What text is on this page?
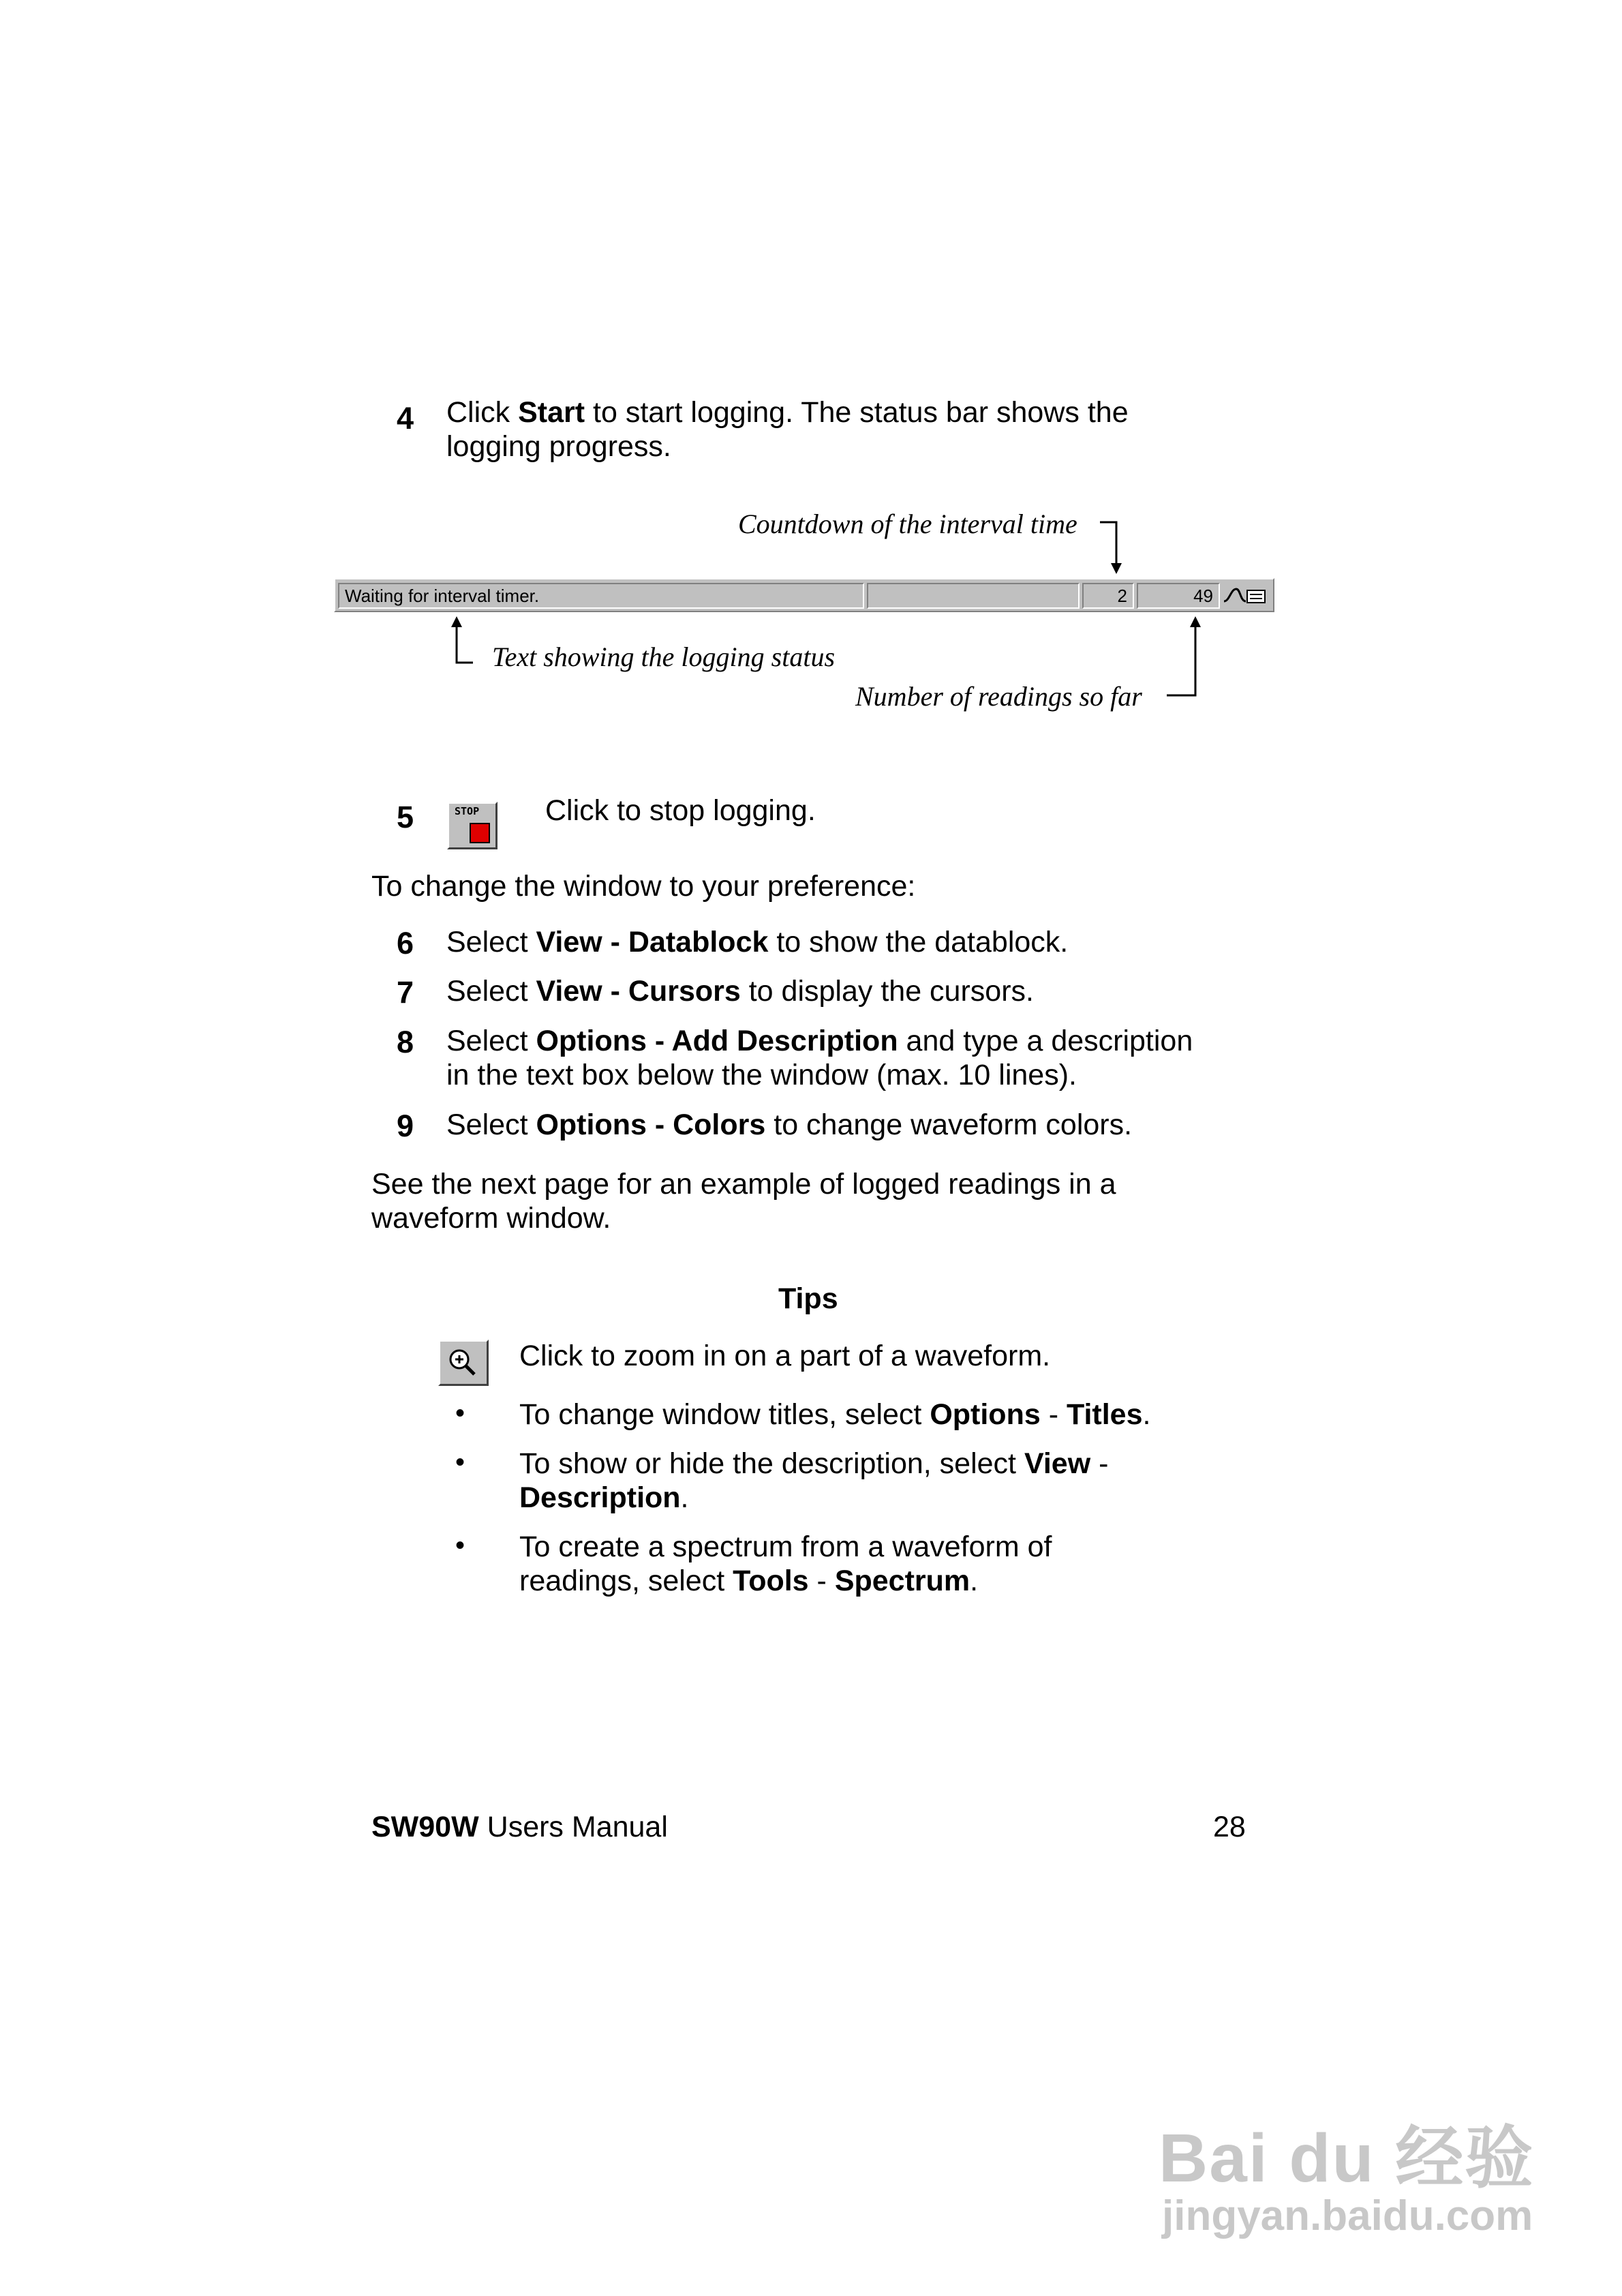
4 Click Start to start logging. The status bar shows the
logging progress.
Countdown of the interval time
Waiting for interval timer.	2	49
Text showing the logging status
Number of readings so far
5	STOP Click to stop logging.
To change the window to your preference:
6 Select View - Datablock to show the datablock.
7 Select View - Cursors to display the cursors.
8 Select Options - Add Description and type a description
in the text box below the window (max. 10 lines).
9 Select Options - Colors to change waveform colors.
See the next page for an example of logged readings in a
waveform window.
Tips
Click to zoom in on a part of a waveform.
• To change window titles, select Options - Titles.
• To show or hide the description, select View -
Description.
• To create a spectrum from a waveform of
readings, select Tools - Spectrum.
SW90W Users Manual	28
Bai du 经验
jingyan.baidu.com
